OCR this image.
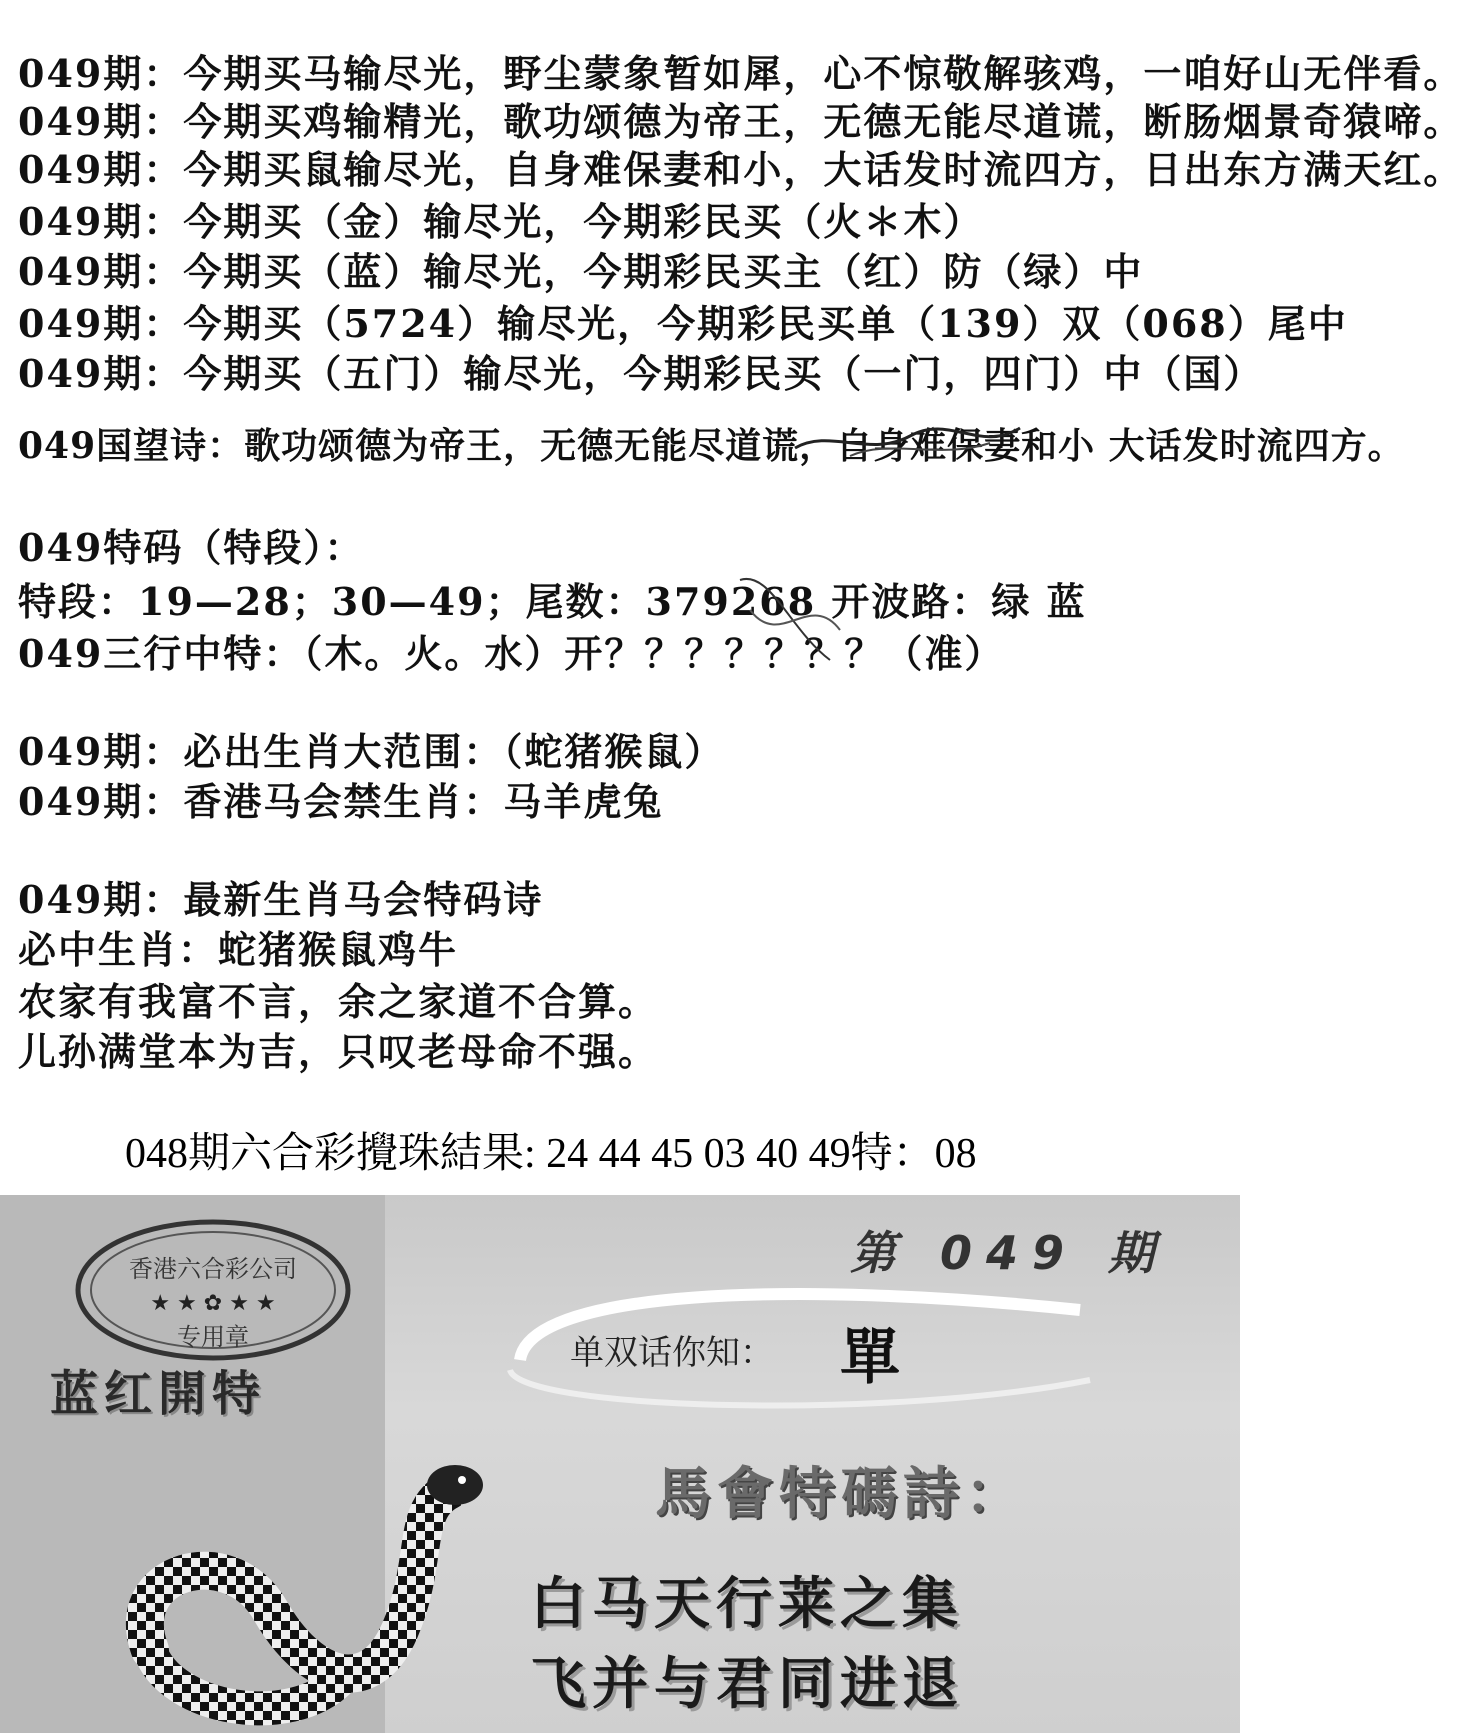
049期：今期买马输尽光，野尘蒙象暂如犀，心不惊敬解骇鸡，一咱好山无伴看。
049期：今期买鸡输精光，歌功颂德为帝王，无德无能尽道谎，断肠烟景奇猿啼。
049期：今期买鼠输尽光，自身难保妻和小，大话发时流四方，日出东方满天红。
049期：今期买（金）输尽光，今期彩民买（火＊木）
049期：今期买（蓝）输尽光，今期彩民买主（红）防（绿）中
049期：今期买（5724）输尽光，今期彩民买单（139）双（068）尾中
049期：今期买（五门）输尽光，今期彩民买（一门，四门）中（国）
049国望诗：歌功颂德为帝王，无德无能尽道谎，自身难保妻和小 大话发时流四方。
049特码（特段）：
特段：19—28；30—49；尾数：379268 开波路：绿 蓝
049三行中特：（木。火。水）开？？？？？？？（准）
049期：必出生肖大范围：（蛇猪猴鼠）
049期：香港马会禁生肖：马羊虎兔
049期：最新生肖马会特码诗
必中生肖：蛇猪猴鼠鸡牛
农家有我富不言，余之家道不合算。
儿孙满堂本为吉，只叹老母命不强。
048期六合彩攪珠結果: 24 44 45 03 40 49特：08
香港六合彩公司
★ ★ ✿ ★ ★
专用章
蓝红開特
第 049 期
单双话你知： 單
馬會特碼詩：
白马天行莱之集
飞并与君同进退
